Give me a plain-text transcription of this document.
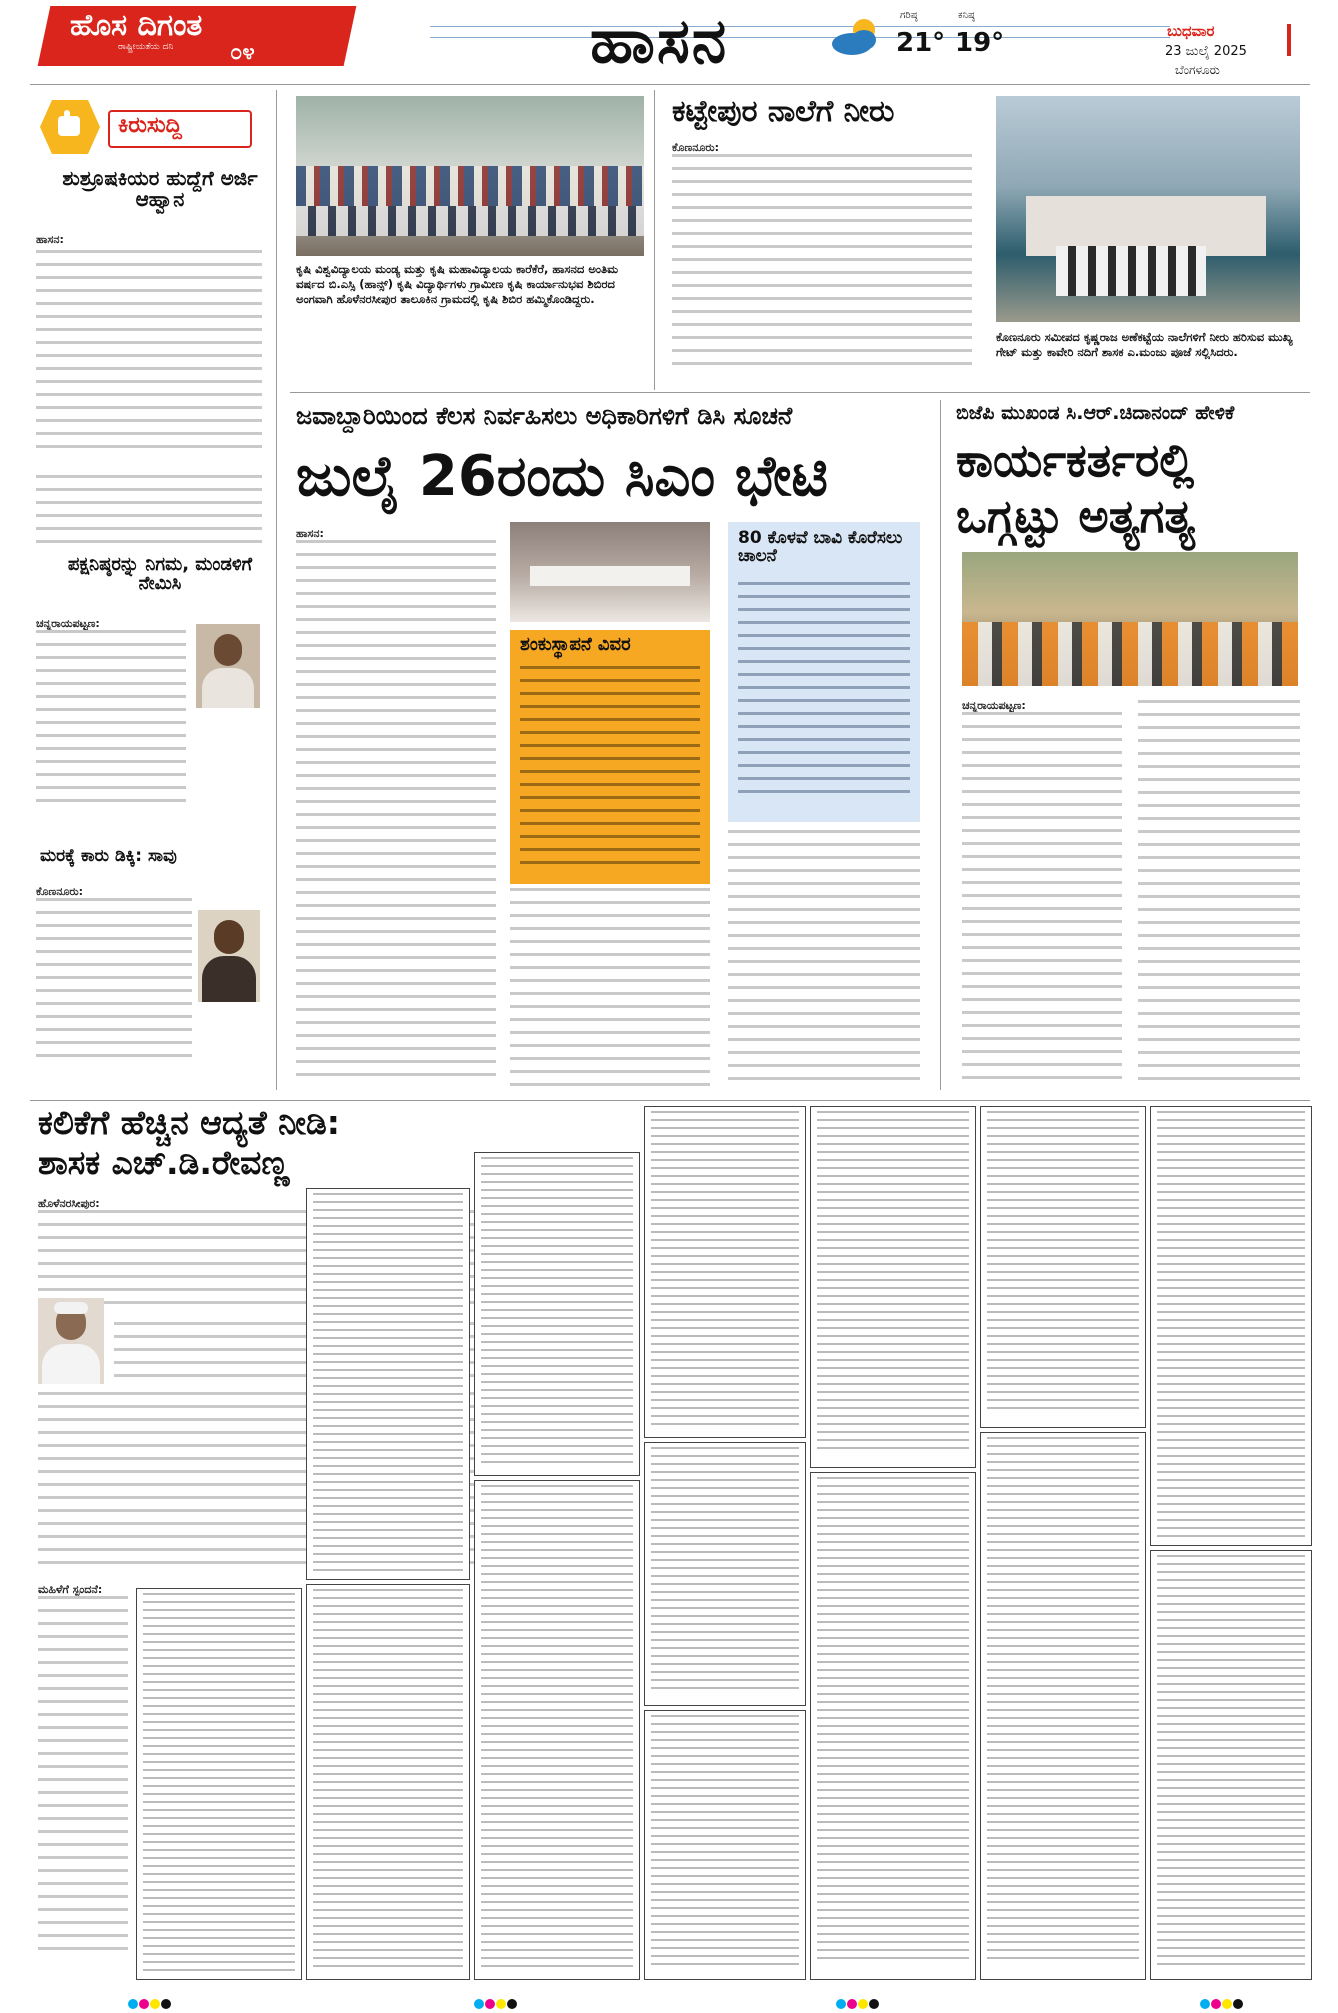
ಹೊಸ ದಿಗಂತ
ರಾಷ್ಟ್ರೀಯತೆಯ ದನಿ	೦೪	ಹಾಸನ	ಗರಿಷ್ಠ
21°
ಕನಿಷ್ಠ
19°	ಬುಧವಾರ
23 ಜುಲೈ 2025
ಬೆಂಗಳೂರು
ಕಿರುಸುದ್ದಿ
ಶುಶ್ರೂಷಕಿಯರ ಹುದ್ದೆಗೆ ಅರ್ಜಿ ಆಹ್ವಾನ
ಹಾಸನ:
ಪಕ್ಷನಿಷ್ಠರನ್ನು ನಿಗಮ, ಮಂಡಳಿಗೆ ನೇಮಿಸಿ
ಚನ್ನರಾಯಪಟ್ಟಣ:
ಮರಕ್ಕೆ ಕಾರು ಡಿಕ್ಕಿ: ಸಾವು
ಕೊಣನೂರು:
ಕೃಷಿ ವಿಶ್ವವಿದ್ಯಾಲಯ ಮಂಡ್ಯ ಮತ್ತು ಕೃಷಿ ಮಹಾವಿದ್ಯಾಲಯ ಕಾರೆಕೆರೆ, ಹಾಸನದ ಅಂತಿಮ ವರ್ಷದ ಬಿ.ಎಸ್ಸಿ (ಹಾನ್ಸ್) ಕೃಷಿ ವಿದ್ಯಾರ್ಥಿಗಳು ಗ್ರಾಮೀಣ ಕೃಷಿ ಕಾರ್ಯಾನುಭವ ಶಿಬಿರದ ಅಂಗವಾಗಿ ಹೊಳೆನರಸೀಪುರ ತಾಲೂಕಿನ ಗ್ರಾಮದಲ್ಲಿ ಕೃಷಿ ಶಿಬಿರ ಹಮ್ಮಿಕೊಂಡಿದ್ದರು.
ಕಟ್ಟೇಪುರ ನಾಲೆಗೆ ನೀರು
ಕೊಣನೂರು:
ಕೊಣನೂರು ಸಮೀಪದ ಕೃಷ್ಣರಾಜ ಅಣೆಕಟ್ಟೆಯ ನಾಲೆಗಳಿಗೆ ನೀರು ಹರಿಸುವ ಮುಖ್ಯ ಗೇಟ್ ಮತ್ತು ಕಾವೇರಿ ನದಿಗೆ ಶಾಸಕ ಎ.ಮಂಜು ಪೂಜೆ ಸಲ್ಲಿಸಿದರು.
ಜವಾಬ್ದಾರಿಯಿಂದ ಕೆಲಸ ನಿರ್ವಹಿಸಲು ಅಧಿಕಾರಿಗಳಿಗೆ ಡಿಸಿ ಸೂಚನೆ
ಜುಲೈ 26ರಂದು ಸಿಎಂ ಭೇಟಿ
ಹಾಸನ:
ಶಂಕುಸ್ಥಾಪನೆ ವಿವರ
80 ಕೊಳವೆ ಬಾವಿ ಕೊರೆಸಲು ಚಾಲನೆ
ಬಿಜೆಪಿ ಮುಖಂಡ ಸಿ.ಆರ್.ಚಿದಾನಂದ್ ಹೇಳಿಕೆ
ಕಾರ್ಯಕರ್ತರಲ್ಲಿ
ಒಗ್ಗಟ್ಟು ಅತ್ಯಗತ್ಯ
ಚನ್ನರಾಯಪಟ್ಟಣ:
ಕಲಿಕೆಗೆ ಹೆಚ್ಚಿನ ಆದ್ಯತೆ ನೀಡಿ:
ಶಾಸಕ ಎಚ್.ಡಿ.ರೇವಣ್ಣ
ಹೊಳೆನರಸೀಪುರ:
ಮಹಿಳೆಗೆ ಸ್ಪಂದನೆ:
